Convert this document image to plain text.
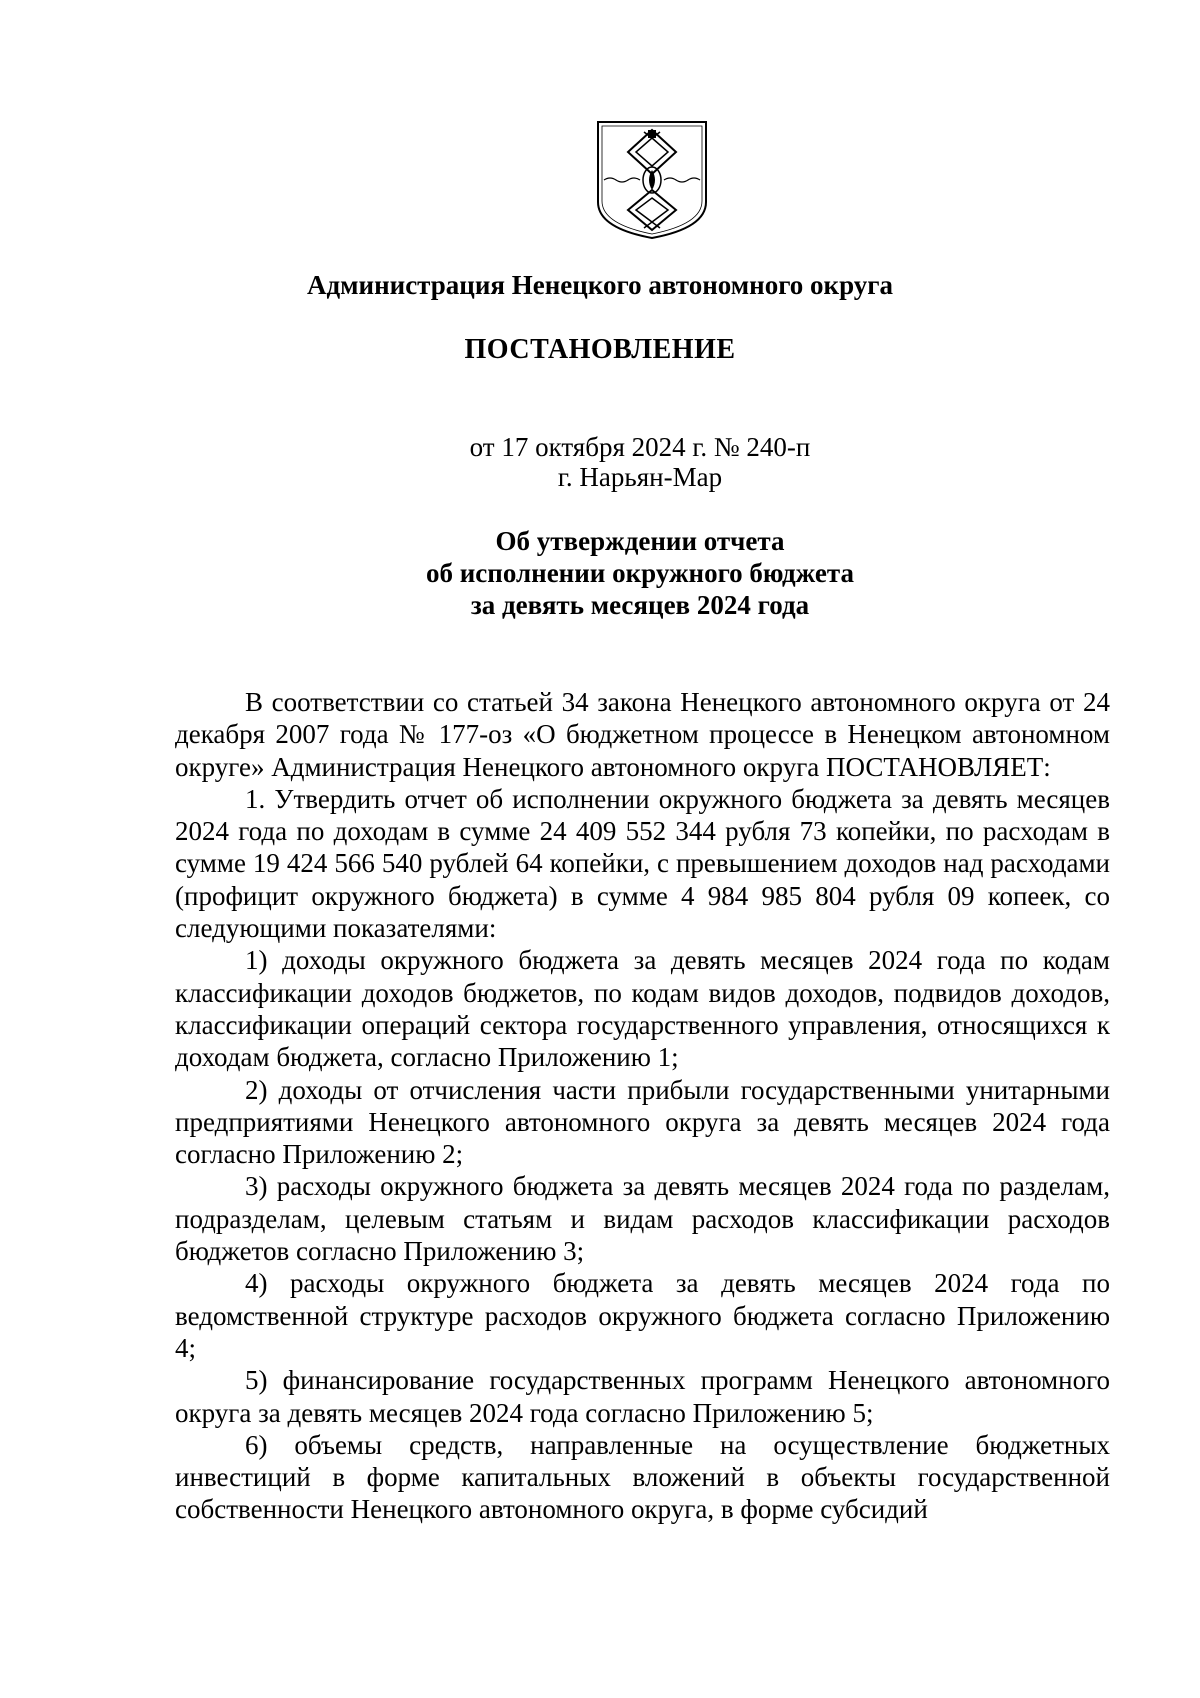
Администрация Ненецкого автономного округа
ПОСТАНОВЛЕНИЕ
от 17 октября 2024 г. № 240-п
г. Нарьян-Мар
Об утверждении отчета
об исполнении окружного бюджета
за девять месяцев 2024 года

В соответствии со статьей 34 закона Ненецкого автономного округа от 24 декабря 2007 года № 177-оз «О бюджетном процессе в Ненецком автономном округе» Администрация Ненецкого автономного округа ПОСТАНОВЛЯЕТ:

1. Утвердить отчет об исполнении окружного бюджета за девять месяцев 2024 года по доходам в сумме 24 409 552 344 рубля 73 копейки, по расходам в сумме 19 424 566 540 рублей 64 копейки, с превышением доходов над расходами (профицит окружного бюджета) в сумме 4 984 985 804 рубля 09 копеек, со следующими показателями:

1) доходы окружного бюджета за девять месяцев 2024 года по кодам классификации доходов бюджетов, по кодам видов доходов, подвидов доходов, классификации операций сектора государственного управления, относящихся к доходам бюджета, согласно Приложению 1;

2) доходы от отчисления части прибыли государственными унитарными предприятиями Ненецкого автономного округа за девять месяцев 2024 года согласно Приложению 2;

3) расходы окружного бюджета за девять месяцев 2024 года по разделам, подразделам, целевым статьям и видам расходов классификации расходов бюджетов согласно Приложению 3;

4) расходы окружного бюджета за девять месяцев 2024 года по ведомственной структуре расходов окружного бюджета согласно Приложению 4;

5) финансирование государственных программ Ненецкого автономного округа за девять месяцев 2024 года согласно Приложению 5;

6) объемы средств, направленные на осуществление бюджетных инвестиций в форме капитальных вложений в объекты государственной собственности Ненецкого автономного округа, в форме субсидий
